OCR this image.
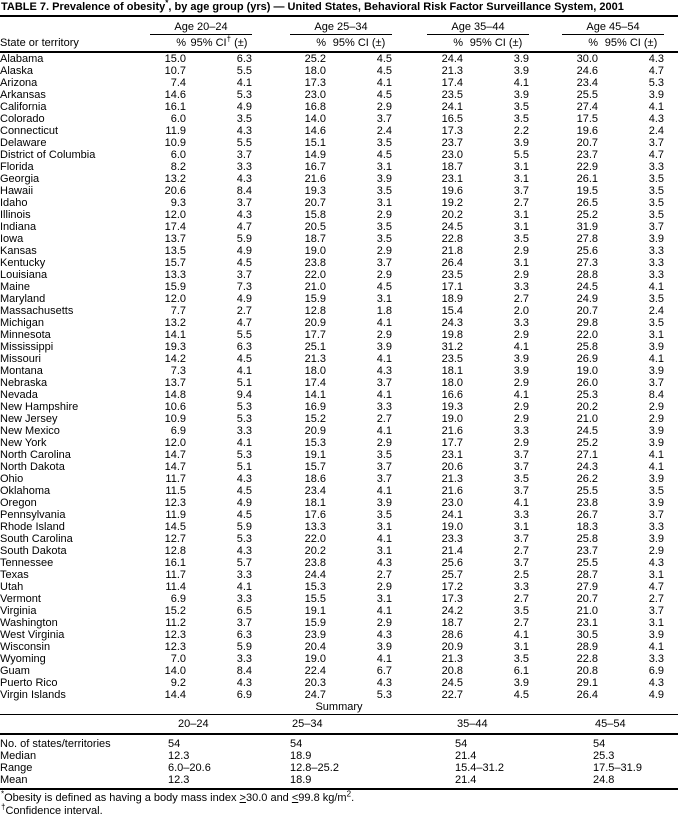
TABLE 7. Prevalence of obesity*, by age group (yrs) — United States, Behavioral Risk Factor Surveillance System, 2001

	Age 20–24		Age 25–34		Age 35–44		Age 45–54		

State or territory	%	95% CI† (±)	%	95% CI (±)	%	95% CI (±)	%	95% CI (±)	
Alabama	15.0	6.3	25.2	4.5	24.4	3.9	30.0	4.3	
Alaska	10.7	5.5	18.0	4.5	21.3	3.9	24.6	4.7	
Arizona	7.4	4.1	17.3	4.1	17.4	4.1	23.4	5.3	
Arkansas	14.6	5.3	23.0	4.5	23.5	3.9	25.5	3.9	
California	16.1	4.9	16.8	2.9	24.1	3.5	27.4	4.1	
Colorado	6.0	3.5	14.0	3.7	16.5	3.5	17.5	4.3	
Connecticut	11.9	4.3	14.6	2.4	17.3	2.2	19.6	2.4	
Delaware	10.9	5.5	15.1	3.5	23.7	3.9	20.7	3.7	
District of Columbia	6.0	3.7	14.9	4.5	23.0	5.5	23.7	4.7	
Florida	8.2	3.3	16.7	3.1	18.7	3.1	22.9	3.3	
Georgia	13.2	4.3	21.6	3.9	23.1	3.1	26.1	3.5	
Hawaii	20.6	8.4	19.3	3.5	19.6	3.7	19.5	3.5	
Idaho	9.3	3.7	20.7	3.1	19.2	2.7	26.5	3.5	
Illinois	12.0	4.3	15.8	2.9	20.2	3.1	25.2	3.5	
Indiana	17.4	4.7	20.5	3.5	24.5	3.1	31.9	3.7	
Iowa	13.7	5.9	18.7	3.5	22.8	3.5	27.8	3.9	
Kansas	13.5	4.9	19.0	2.9	21.8	2.9	25.6	3.3	
Kentucky	15.7	4.5	23.8	3.7	26.4	3.1	27.3	3.3	
Louisiana	13.3	3.7	22.0	2.9	23.5	2.9	28.8	3.3	
Maine	15.9	7.3	21.0	4.5	17.1	3.3	24.5	4.1	
Maryland	12.0	4.9	15.9	3.1	18.9	2.7	24.9	3.5	
Massachusetts	7.7	2.7	12.8	1.8	15.4	2.0	20.7	2.4	
Michigan	13.2	4.7	20.9	4.1	24.3	3.3	29.8	3.5	
Minnesota	14.1	5.5	17.7	2.9	19.8	2.9	22.0	3.1	
Mississippi	19.3	6.3	25.1	3.9	31.2	4.1	25.8	3.9	
Missouri	14.2	4.5	21.3	4.1	23.5	3.9	26.9	4.1	
Montana	7.3	4.1	18.0	4.3	18.1	3.9	19.0	3.9	
Nebraska	13.7	5.1	17.4	3.7	18.0	2.9	26.0	3.7	
Nevada	14.8	9.4	14.1	4.1	16.6	4.1	25.3	8.4	
New Hampshire	10.6	5.3	16.9	3.3	19.3	2.9	20.2	2.9	
New Jersey	10.9	5.3	15.2	2.7	19.0	2.9	21.0	2.9	
New Mexico	6.9	3.3	20.9	4.1	21.6	3.3	24.5	3.9	
New York	12.0	4.1	15.3	2.9	17.7	2.9	25.2	3.9	
North Carolina	14.7	5.3	19.1	3.5	23.1	3.7	27.1	4.1	
North Dakota	14.7	5.1	15.7	3.7	20.6	3.7	24.3	4.1	
Ohio	11.7	4.3	18.6	3.7	21.3	3.5	26.2	3.9	
Oklahoma	11.5	4.5	23.4	4.1	21.6	3.7	25.5	3.5	
Oregon	12.3	4.9	18.1	3.9	23.0	4.1	23.8	3.9	
Pennsylvania	11.9	4.5	17.6	3.5	24.1	3.3	26.7	3.7	
Rhode Island	14.5	5.9	13.3	3.1	19.0	3.1	18.3	3.3	
South Carolina	12.7	5.3	22.0	4.1	23.3	3.7	25.8	3.9	
South Dakota	12.8	4.3	20.2	3.1	21.4	2.7	23.7	2.9	
Tennessee	16.1	5.7	23.8	4.3	25.6	3.7	25.5	4.3	
Texas	11.7	3.3	24.4	2.7	25.7	2.5	28.7	3.1	
Utah	11.4	4.1	15.3	2.9	17.2	3.3	27.9	4.7	
Vermont	6.9	3.3	15.5	3.1	17.3	2.7	20.7	2.7	
Virginia	15.2	6.5	19.1	4.1	24.2	3.5	21.0	3.7	
Washington	11.2	3.7	15.9	2.9	18.7	2.7	23.1	3.1	
West Virginia	12.3	6.3	23.9	4.3	28.6	4.1	30.5	3.9	
Wisconsin	12.3	5.9	20.4	3.9	20.9	3.1	28.9	4.1	
Wyoming	7.0	3.3	19.0	4.1	21.3	3.5	22.8	3.3	
Guam	14.0	8.4	22.4	6.7	20.8	6.1	20.8	6.9	
Puerto Rico	9.2	4.3	20.3	4.3	24.5	3.9	29.1	4.3	
Virgin Islands	14.4	6.9	24.7	5.3	22.7	4.5	26.4	4.9	
Summary
	20–24	25–34	35–44	45–54
No. of states/territories	54	54	54	54
Median	12.3	18.9	21.4	25.3
Range	6.0–20.6	12.8–25.2	15.4–31.2	17.5–31.9
Mean	12.3	18.9	21.4	24.8
*Obesity is defined as having a body mass index ≥30.0 and ≤99.8 $kg/m^2$.
†Confidence interval.
